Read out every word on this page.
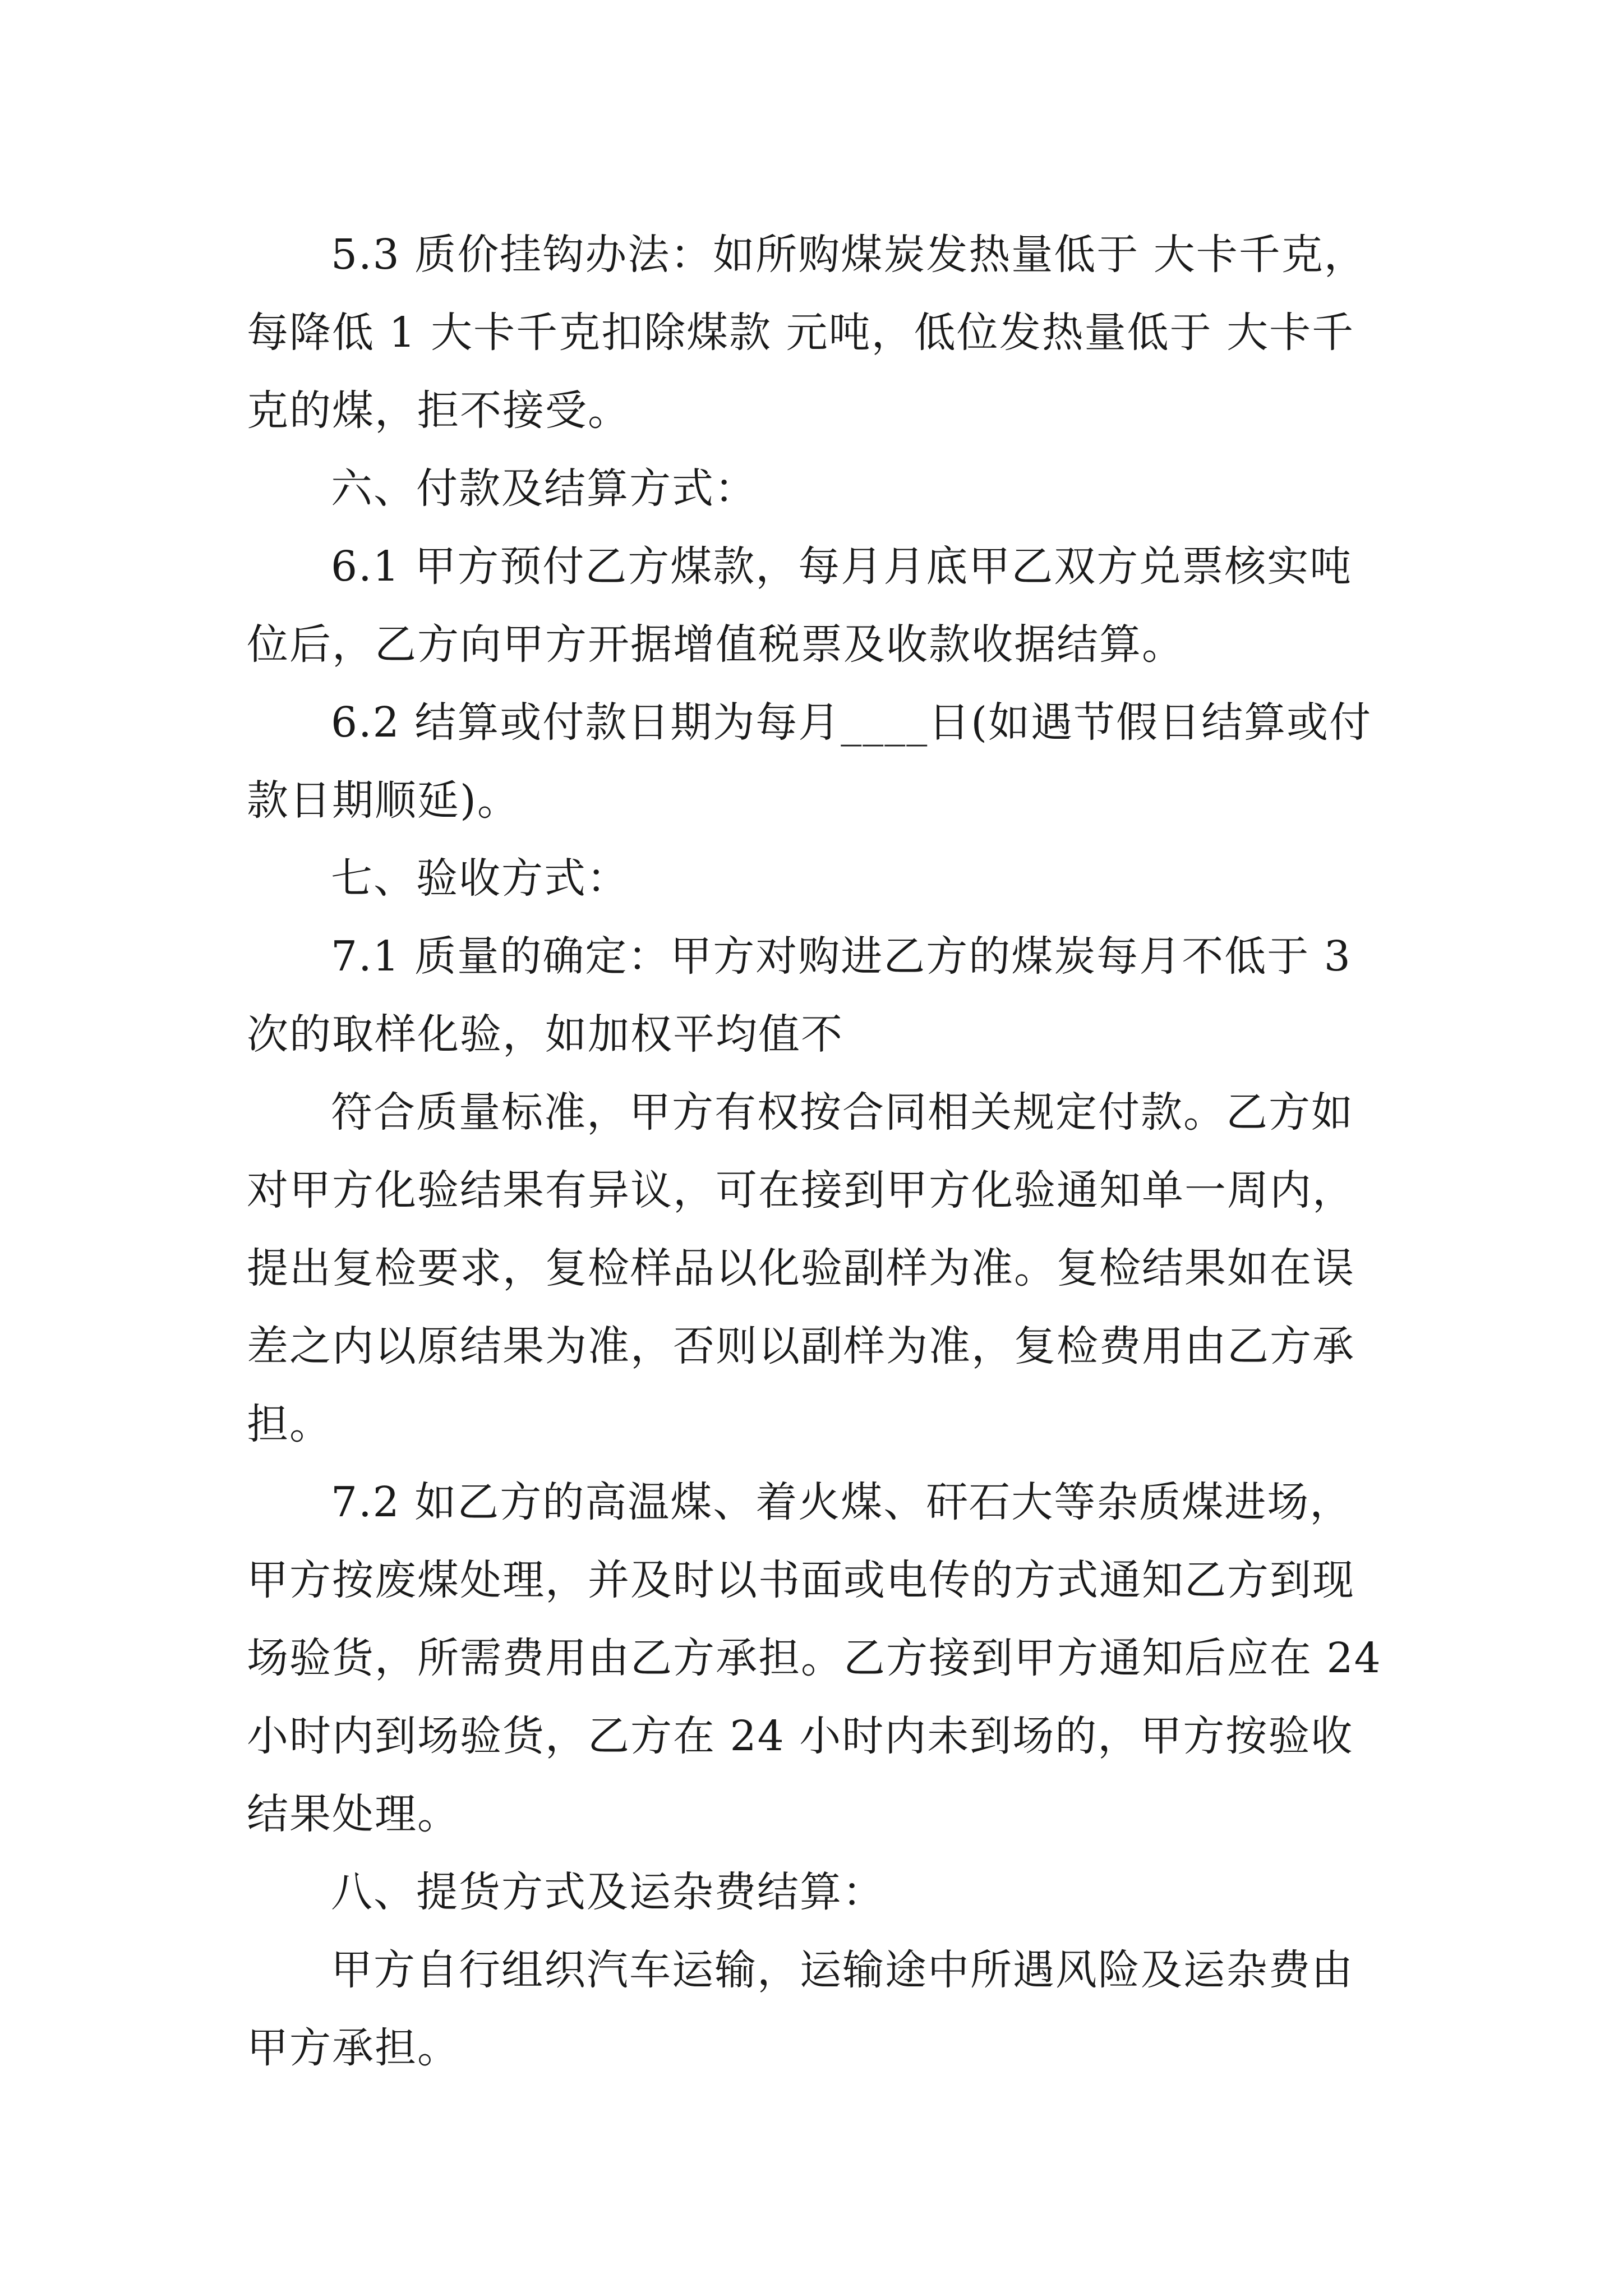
5.3 质价挂钩办法：如所购煤炭发热量低于 大卡千克，
每降低 1 大卡千克扣除煤款 元吨，低位发热量低于 大卡千
克的煤，拒不接受。
六、付款及结算方式：
6.1 甲方预付乙方煤款，每月月底甲乙双方兑票核实吨
位后，乙方向甲方开据增值税票及收款收据结算。
6.2 结算或付款日期为每月____日(如遇节假日结算或付
款日期顺延)。
七、验收方式：
7.1 质量的确定：甲方对购进乙方的煤炭每月不低于 3
次的取样化验，如加权平均值不
符合质量标准，甲方有权按合同相关规定付款。乙方如
对甲方化验结果有异议，可在接到甲方化验通知单一周内，
提出复检要求，复检样品以化验副样为准。复检结果如在误
差之内以原结果为准，否则以副样为准，复检费用由乙方承
担。
7.2 如乙方的高温煤、着火煤、矸石大等杂质煤进场，
甲方按废煤处理，并及时以书面或电传的方式通知乙方到现
场验货，所需费用由乙方承担。乙方接到甲方通知后应在 24
小时内到场验货，乙方在 24 小时内未到场的，甲方按验收
结果处理。
八、提货方式及运杂费结算：
甲方自行组织汽车运输，运输途中所遇风险及运杂费由
甲方承担。
